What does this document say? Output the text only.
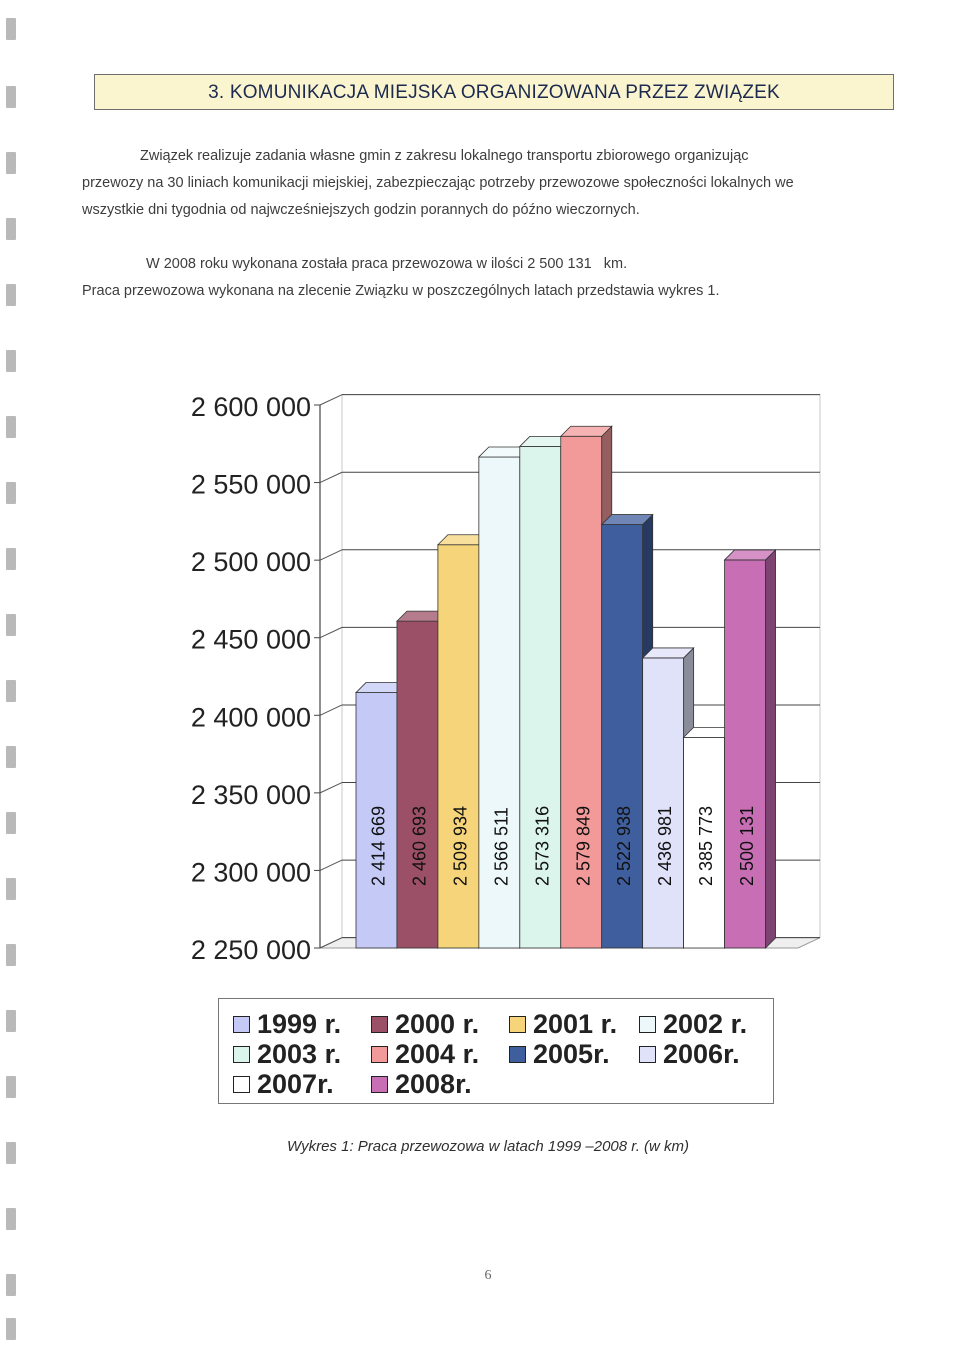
3. KOMUNIKACJA MIEJSKA ORGANIZOWANA PRZEZ ZWIĄZEK
Związek realizuje zadania własne gmin z zakresu lokalnego transportu zbiorowego organizując
przewozy na 30 liniach komunikacji miejskiej, zabezpieczając potrzeby przewozowe społeczności lokalnych we
wszystkie dni tygodnia od najwcześniejszych godzin porannych do późno wieczornych.
W 2008 roku wykonana została praca przewozowa w ilości 2 500 131   km.
Praca przewozowa wykonana na zlecenie Związku w poszczególnych latach przedstawia wykres 1.
2 250 000
2 300 000
2 350 000
2 400 000
2 450 000
2 500 000
2 550 000
2 600 000
2 414 669 2 460 693 2 509 934 2 566 511 2 573 316 2 579 849 2 522 938 2 436 981 2 385 773 2 500 131
1999 r. 2000 r. 2001 r. 2002 r.
2003 r. 2004 r. 2005r. 2006r.
2007r. 2008r.
Wykres 1: Praca przewozowa w latach 1999 –2008 r. (w km)
6
